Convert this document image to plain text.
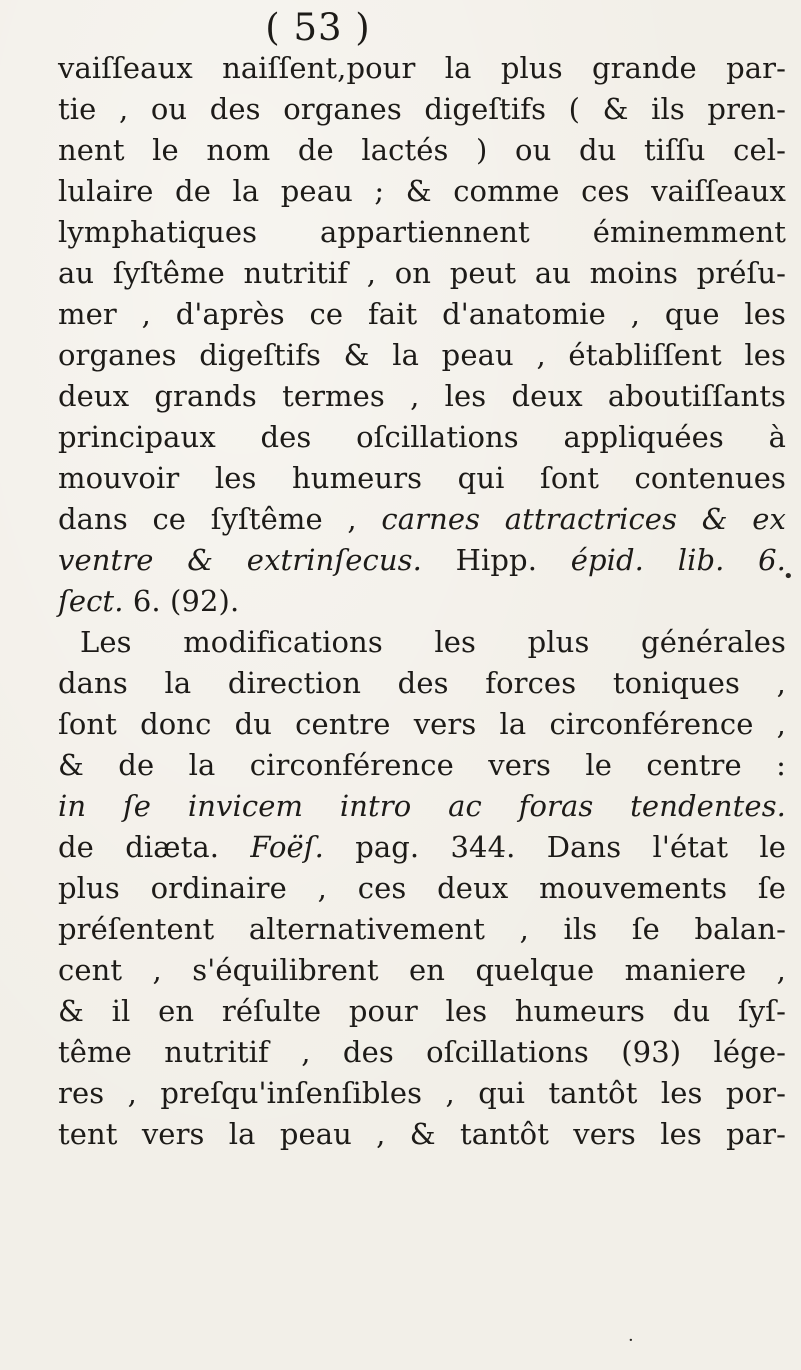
( 53 )
vaiſſeaux naiſſent,pour la plus grande par-
tie , ou des organes digeſtifs ( & ils pren-
nent le nom de lactés ) ou du tiſſu cel-
lulaire de la peau ; & comme ces vaiſſeaux
lymphatiques appartiennent éminemment
au ſyſtême nutritif , on peut au moins préſu-
mer , d'après ce fait d'anatomie , que les
organes digeſtifs & la peau , établiſſent les
deux grands termes , les deux aboutiſſants
principaux des oſcillations appliquées à
mouvoir les humeurs qui ſont contenues
dans ce ſyſtême , carnes attractrices & ex
ventre & extrinſecus. Hipp. épid. lib. 6.
ſect. 6. (92).
Les modifications les plus générales
dans la direction des forces toniques ,
ſont donc du centre vers la circonférence ,
& de la circonférence vers le centre :
in ſe invicem intro ac foras tendentes.
de diæta. Foëſ. pag. 344. Dans l'état le
plus ordinaire , ces deux mouvements ſe
préſentent alternativement , ils ſe balan-
cent , s'équilibrent en quelque maniere ,
& il en réſulte pour les humeurs du ſyſ-
tême nutritif , des oſcillations (93) lége-
res , preſqu'inſenſibles , qui tantôt les por-
tent vers la peau , & tantôt vers les par-
•
·
